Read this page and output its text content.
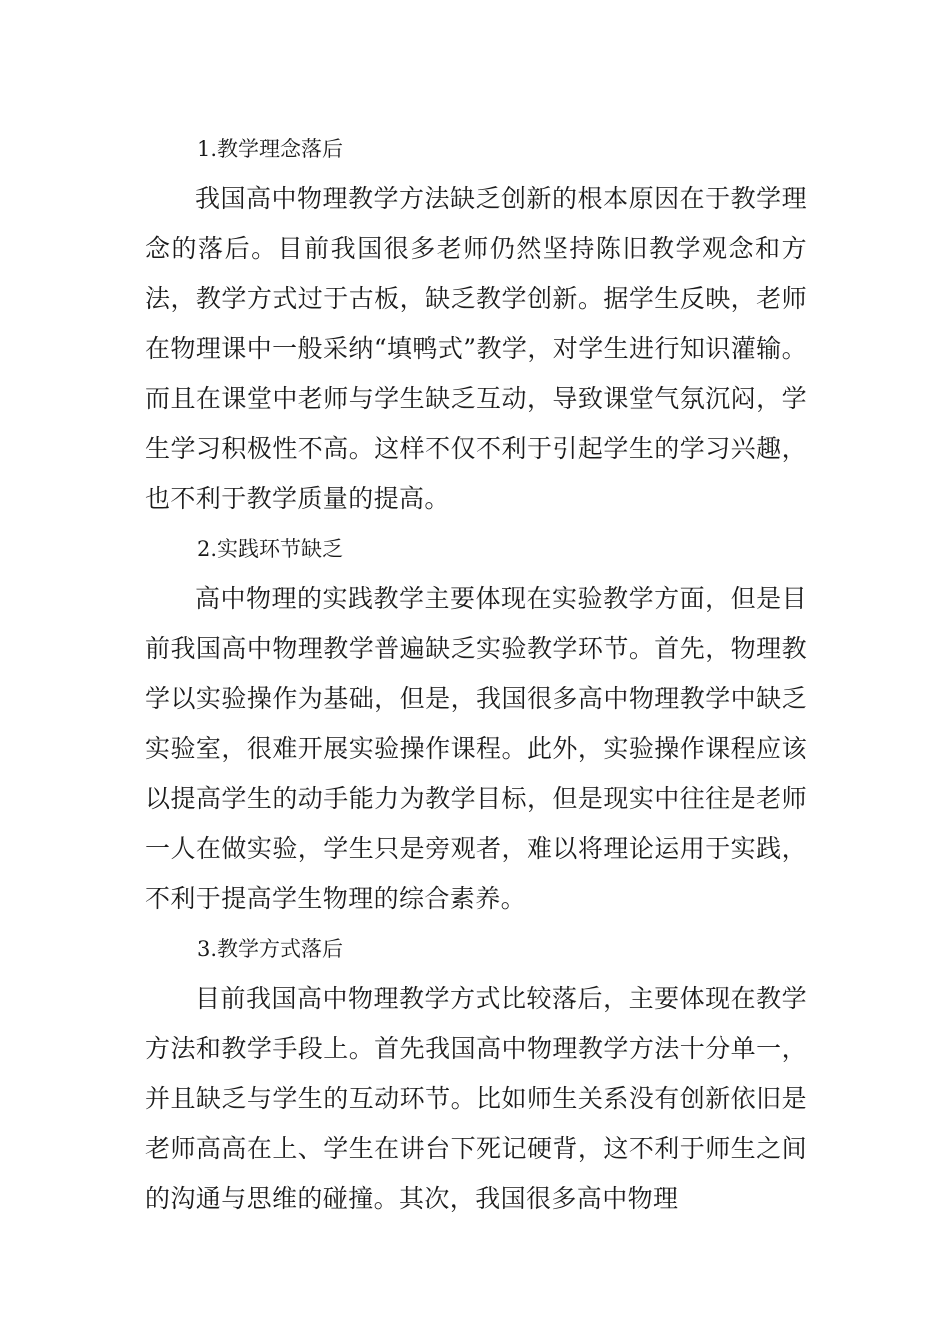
1.教学理念落后

我国高中物理教学方法缺乏创新的根本原因在于教学理念的落后。目前我国很多老师仍然坚持陈旧教学观念和方法，教学方式过于古板，缺乏教学创新。据学生反映，老师在物理课中一般采纳“填鸭式”教学，对学生进行知识灌输。而且在课堂中老师与学生缺乏互动，导致课堂气氛沉闷，学生学习积极性不高。这样不仅不利于引起学生的学习兴趣，也不利于教学质量的提高。

2.实践环节缺乏

高中物理的实践教学主要体现在实验教学方面，但是目前我国高中物理教学普遍缺乏实验教学环节。首先，物理教学以实验操作为基础，但是，我国很多高中物理教学中缺乏实验室，很难开展实验操作课程。此外，实验操作课程应该以提高学生的动手能力为教学目标，但是现实中往往是老师一人在做实验，学生只是旁观者，难以将理论运用于实践，不利于提高学生物理的综合素养。

3.教学方式落后

目前我国高中物理教学方式比较落后，主要体现在教学方法和教学手段上。首先我国高中物理教学方法十分单一，并且缺乏与学生的互动环节。比如师生关系没有创新依旧是老师高高在上、学生在讲台下死记硬背，这不利于师生之间的沟通与思维的碰撞。其次，我国很多高中物理
